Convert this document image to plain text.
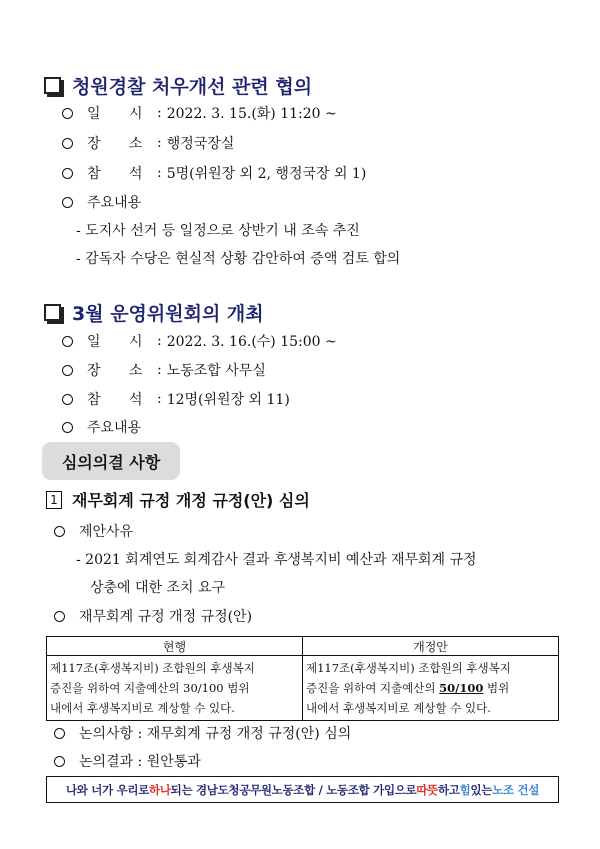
청원경찰 처우개선 관련 협의
일	시	: 2022. 3. 15.(화) 11:20 ~
장	소	: 행정국장실
참	석	: 5명(위원장 외 2, 행정국장 외 1)
주요내용
- 도지사 선거 등 일정으로 상반기 내 조속 추진
- 감독자 수당은 현실적 상황 감안하여 증액 검토 합의
3월 운영위원회의 개최
일	시	: 2022. 3. 16.(수) 15:00 ~
장	소	: 노동조합 사무실
참	석	: 12명(위원장 외 11)
주요내용
심의의결 사항
1 재무회계 규정 개정 규정(안) 심의
제안사유
- 2021 회계연도 회계감사 결과 후생복지비 예산과 재무회계 규정
상충에 대한 조치 요구
재무회계 규정 개정 규정(안)
현행	개정안

제117조(후생복지비) 조합원의 후생복지
증진을 위하여 지출예산의 30/100 범위
내에서 후생복지비로 계상할 수 있다.	제117조(후생복지비) 조합원의 후생복지
증진을 위하여 지출예산의 50/100 범위
내에서 후생복지비로 계상할 수 있다.
논의사항 : 재무회계 규정 개정 규정(안) 심의
논의결과 : 원안통과
나와 너가 우리로 하나 되는 경남도청공무원노동조합 / 노동조합 가입으로 따뜻 하고 힘 있는 노조 건설
